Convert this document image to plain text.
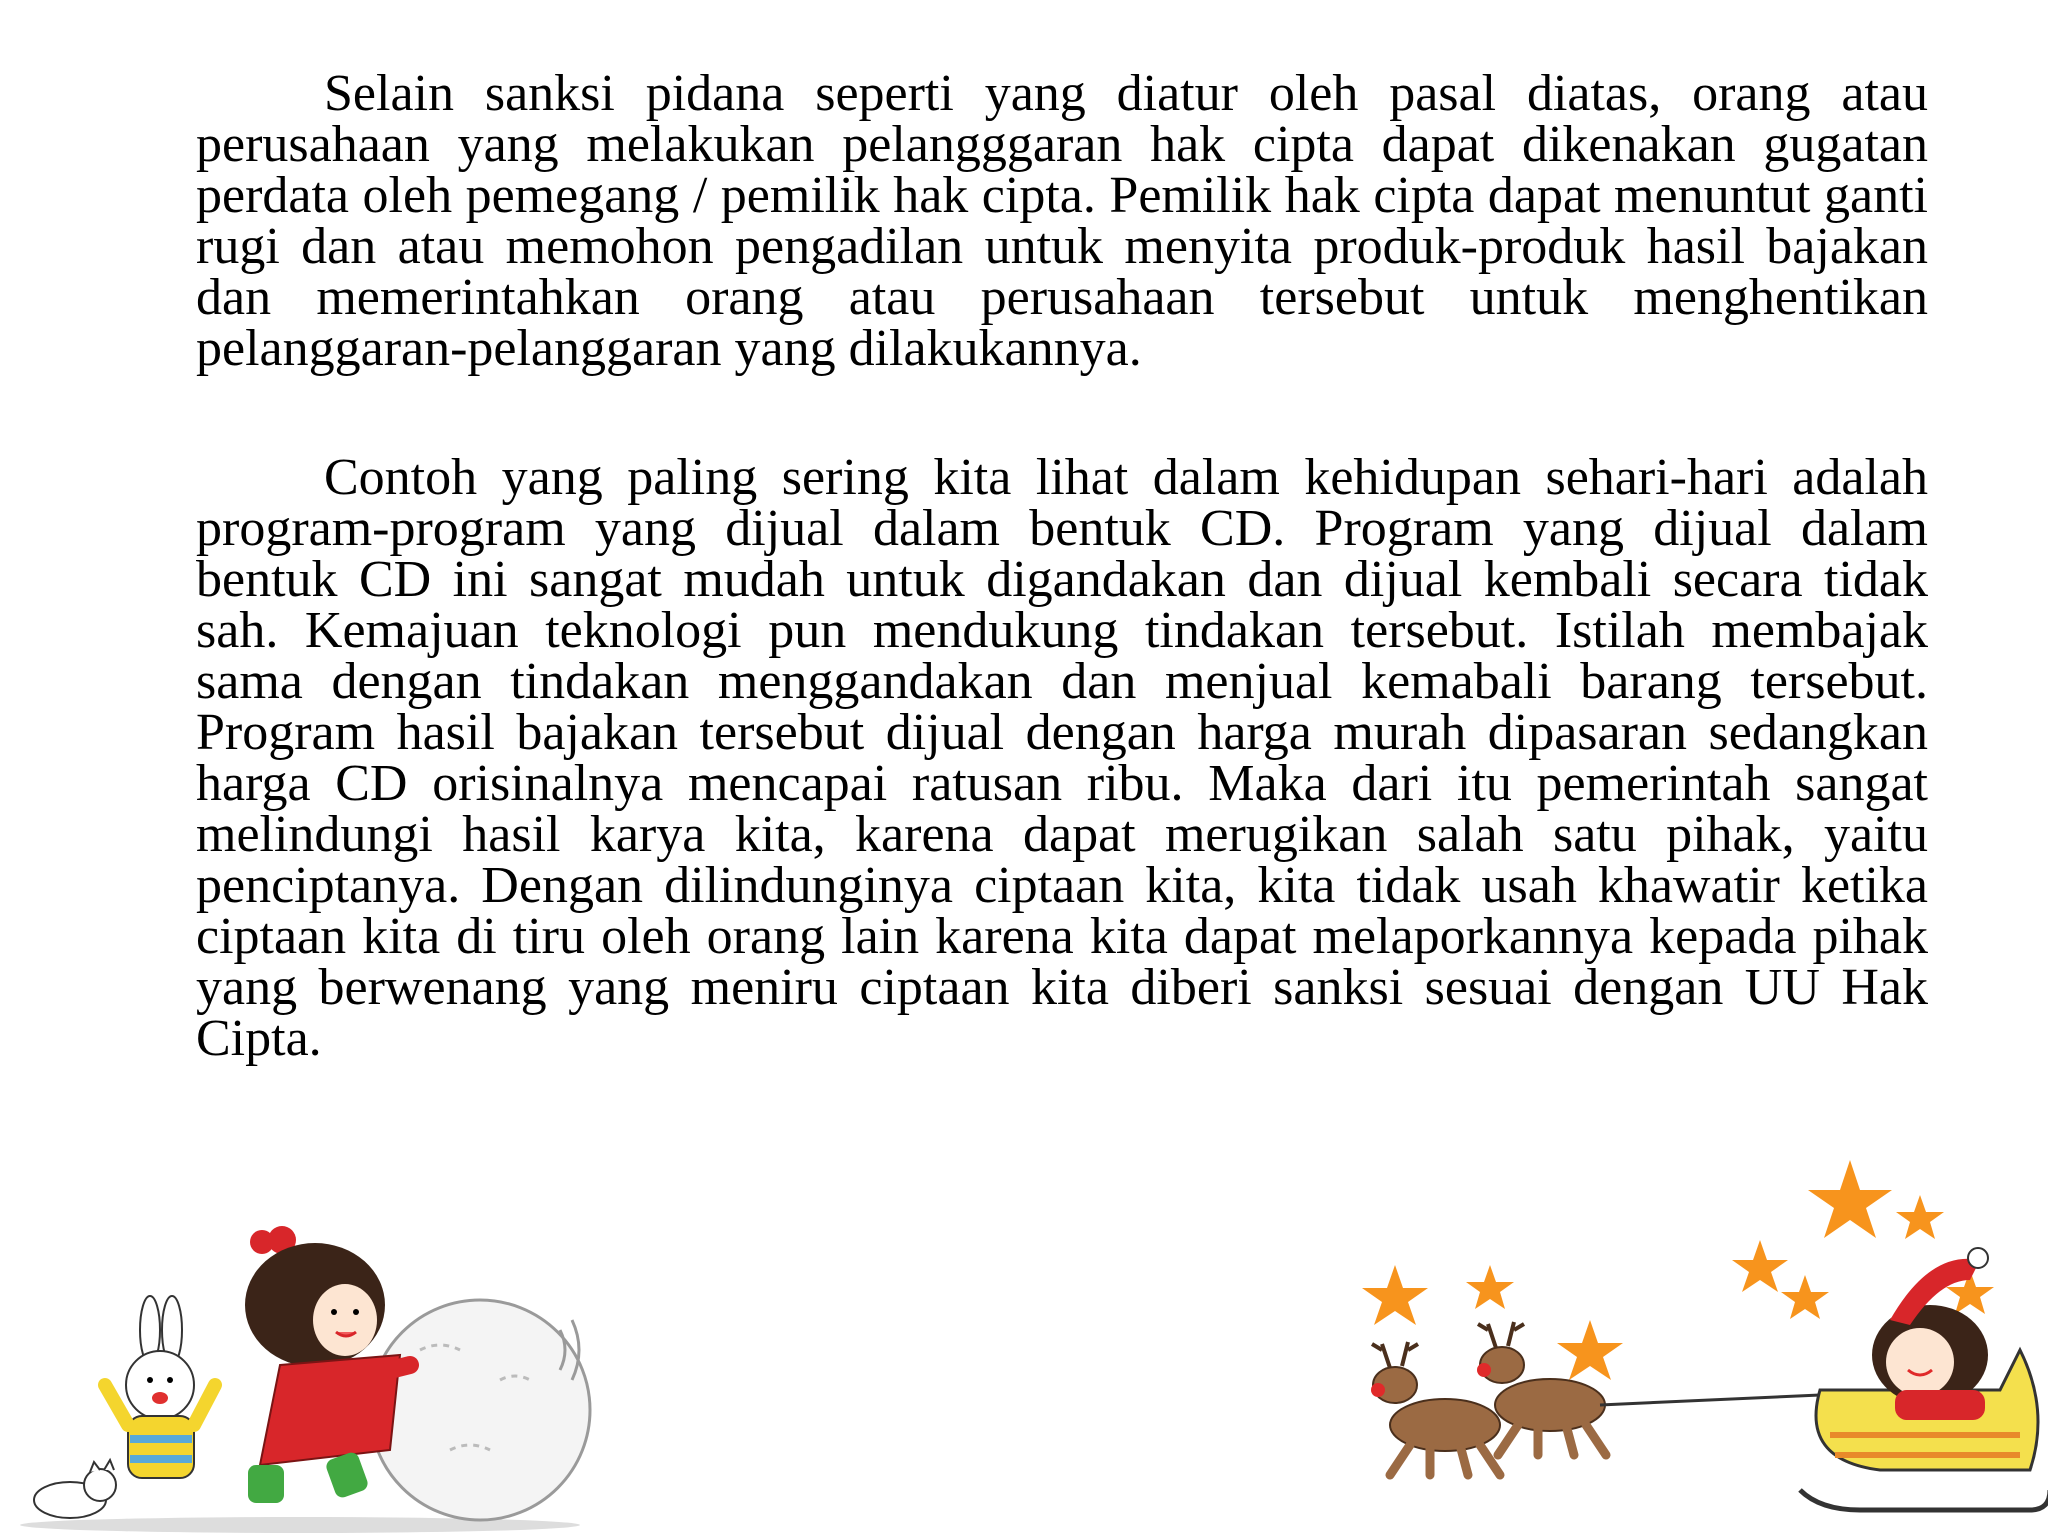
Selain sanksi pidana seperti yang diatur oleh pasal diatas, orang atau perusahaan yang melakukan pelangggaran hak cipta dapat dikenakan gugatan perdata oleh pemegang / pemilik hak cipta. Pemilik hak cipta dapat menuntut ganti rugi dan atau memohon pengadilan untuk menyita produk-produk hasil bajakan dan memerintahkan orang atau perusahaan tersebut untuk menghentikan pelanggaran-pelanggaran yang dilakukannya.

Contoh yang paling sering kita lihat dalam kehidupan sehari-hari adalah program-program yang dijual dalam bentuk CD. Program yang dijual dalam bentuk CD ini sangat mudah untuk digandakan dan dijual kembali secara tidak sah. Kemajuan teknologi pun mendukung tindakan tersebut. Istilah membajak sama dengan tindakan menggandakan dan menjual kemabali barang tersebut. Program hasil bajakan tersebut dijual dengan harga murah dipasaran sedangkan harga CD orisinalnya mencapai ratusan ribu. Maka dari itu pemerintah sangat melindungi hasil karya kita, karena dapat merugikan salah satu pihak, yaitu penciptanya. Dengan dilindunginya ciptaan kita, kita tidak usah khawatir ketika ciptaan kita di tiru oleh orang lain karena kita dapat melaporkannya kepada pihak yang berwenang yang meniru ciptaan kita diberi sanksi sesuai dengan UU Hak Cipta.
